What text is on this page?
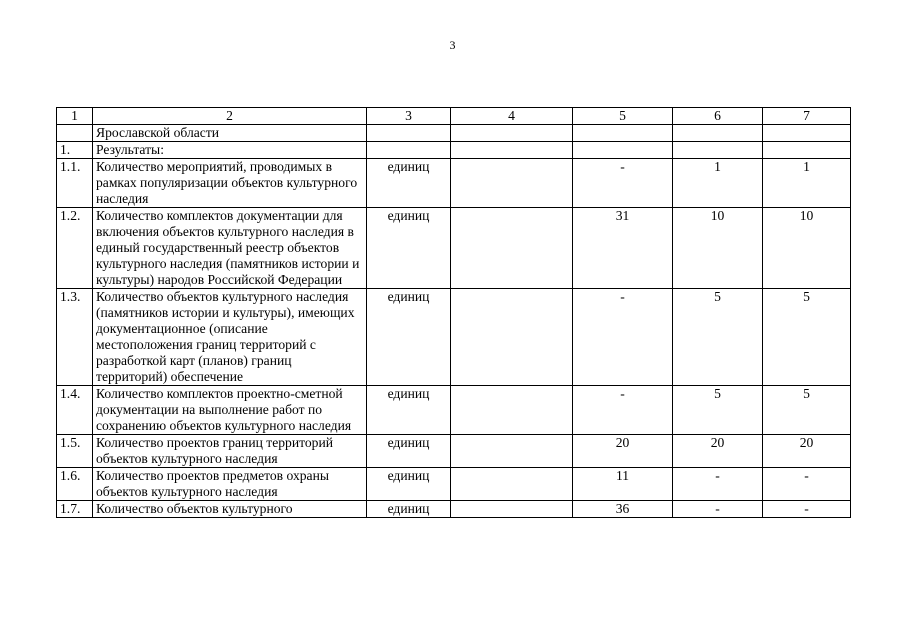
3
1	2	3	4	5	6	7
	Ярославской области					
1.	Результаты:					
1.1.	Количество мероприятий, проводимых в рамках популяризации объектов культурного наследия	единиц		-	1	1
1.2.	Количество комплектов документации для включения объектов культурного наследия в единый государственный реестр объектов культурного наследия (памятников истории и культуры) народов Российской Федерации	единиц		31	10	10
1.3.	Количество объектов культурного наследия (памятников истории и культуры), имеющих документационное (описание местоположения границ территорий с разработкой карт (планов) границ территорий) обеспечение	единиц		-	5	5
1.4.	Количество комплектов проектно-сметной документации на выполнение работ по сохранению объектов культурного наследия	единиц		-	5	5
1.5.	Количество проектов границ территорий объектов культурного наследия	единиц		20	20	20
1.6.	Количество проектов предметов охраны объектов культурного наследия	единиц		11	-	-
1.7.	Количество объектов культурного	единиц		36	-	-
